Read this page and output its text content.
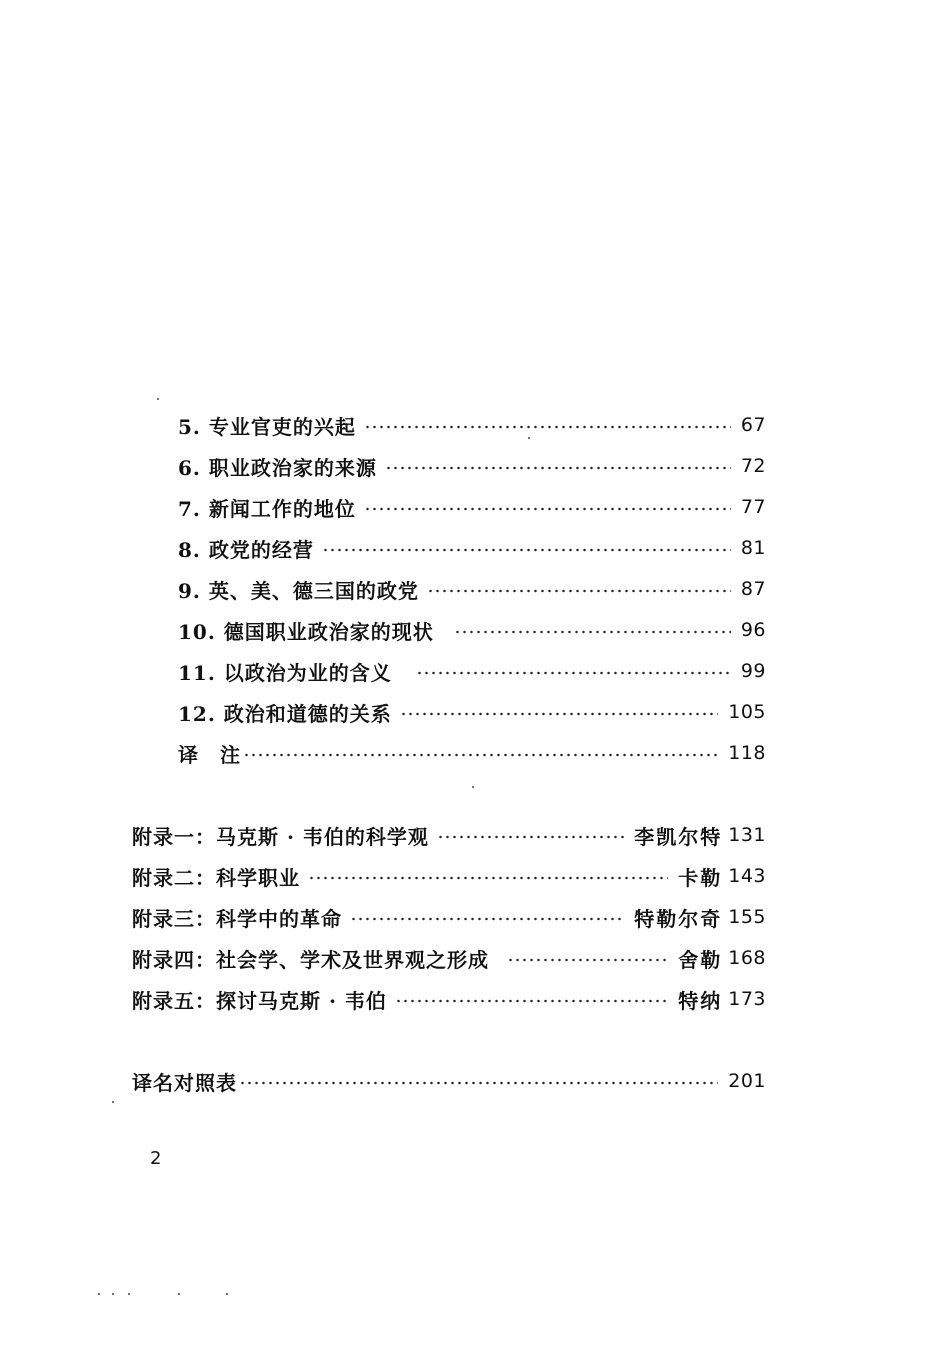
5. 专业官吏的兴起	67
6. 职业政治家的来源	72
7. 新闻工作的地位	77
8. 政党的经营	81
9. 英、美、德三国的政党	87
10. 德国职业政治家的现状	96
11. 以政治为业的含义	99
12. 政治和道德的关系	105
译　注	118
附录一：马克斯 · 韦伯的科学观	李凯尔特 131
附录二：科学职业	卡勒 143
附录三：科学中的革命	特勒尔奇 155
附录四：社会学、学术及世界观之形成	舍勒 168
附录五：探讨马克斯 · 韦伯	特纳 173
译名对照表	201
2
